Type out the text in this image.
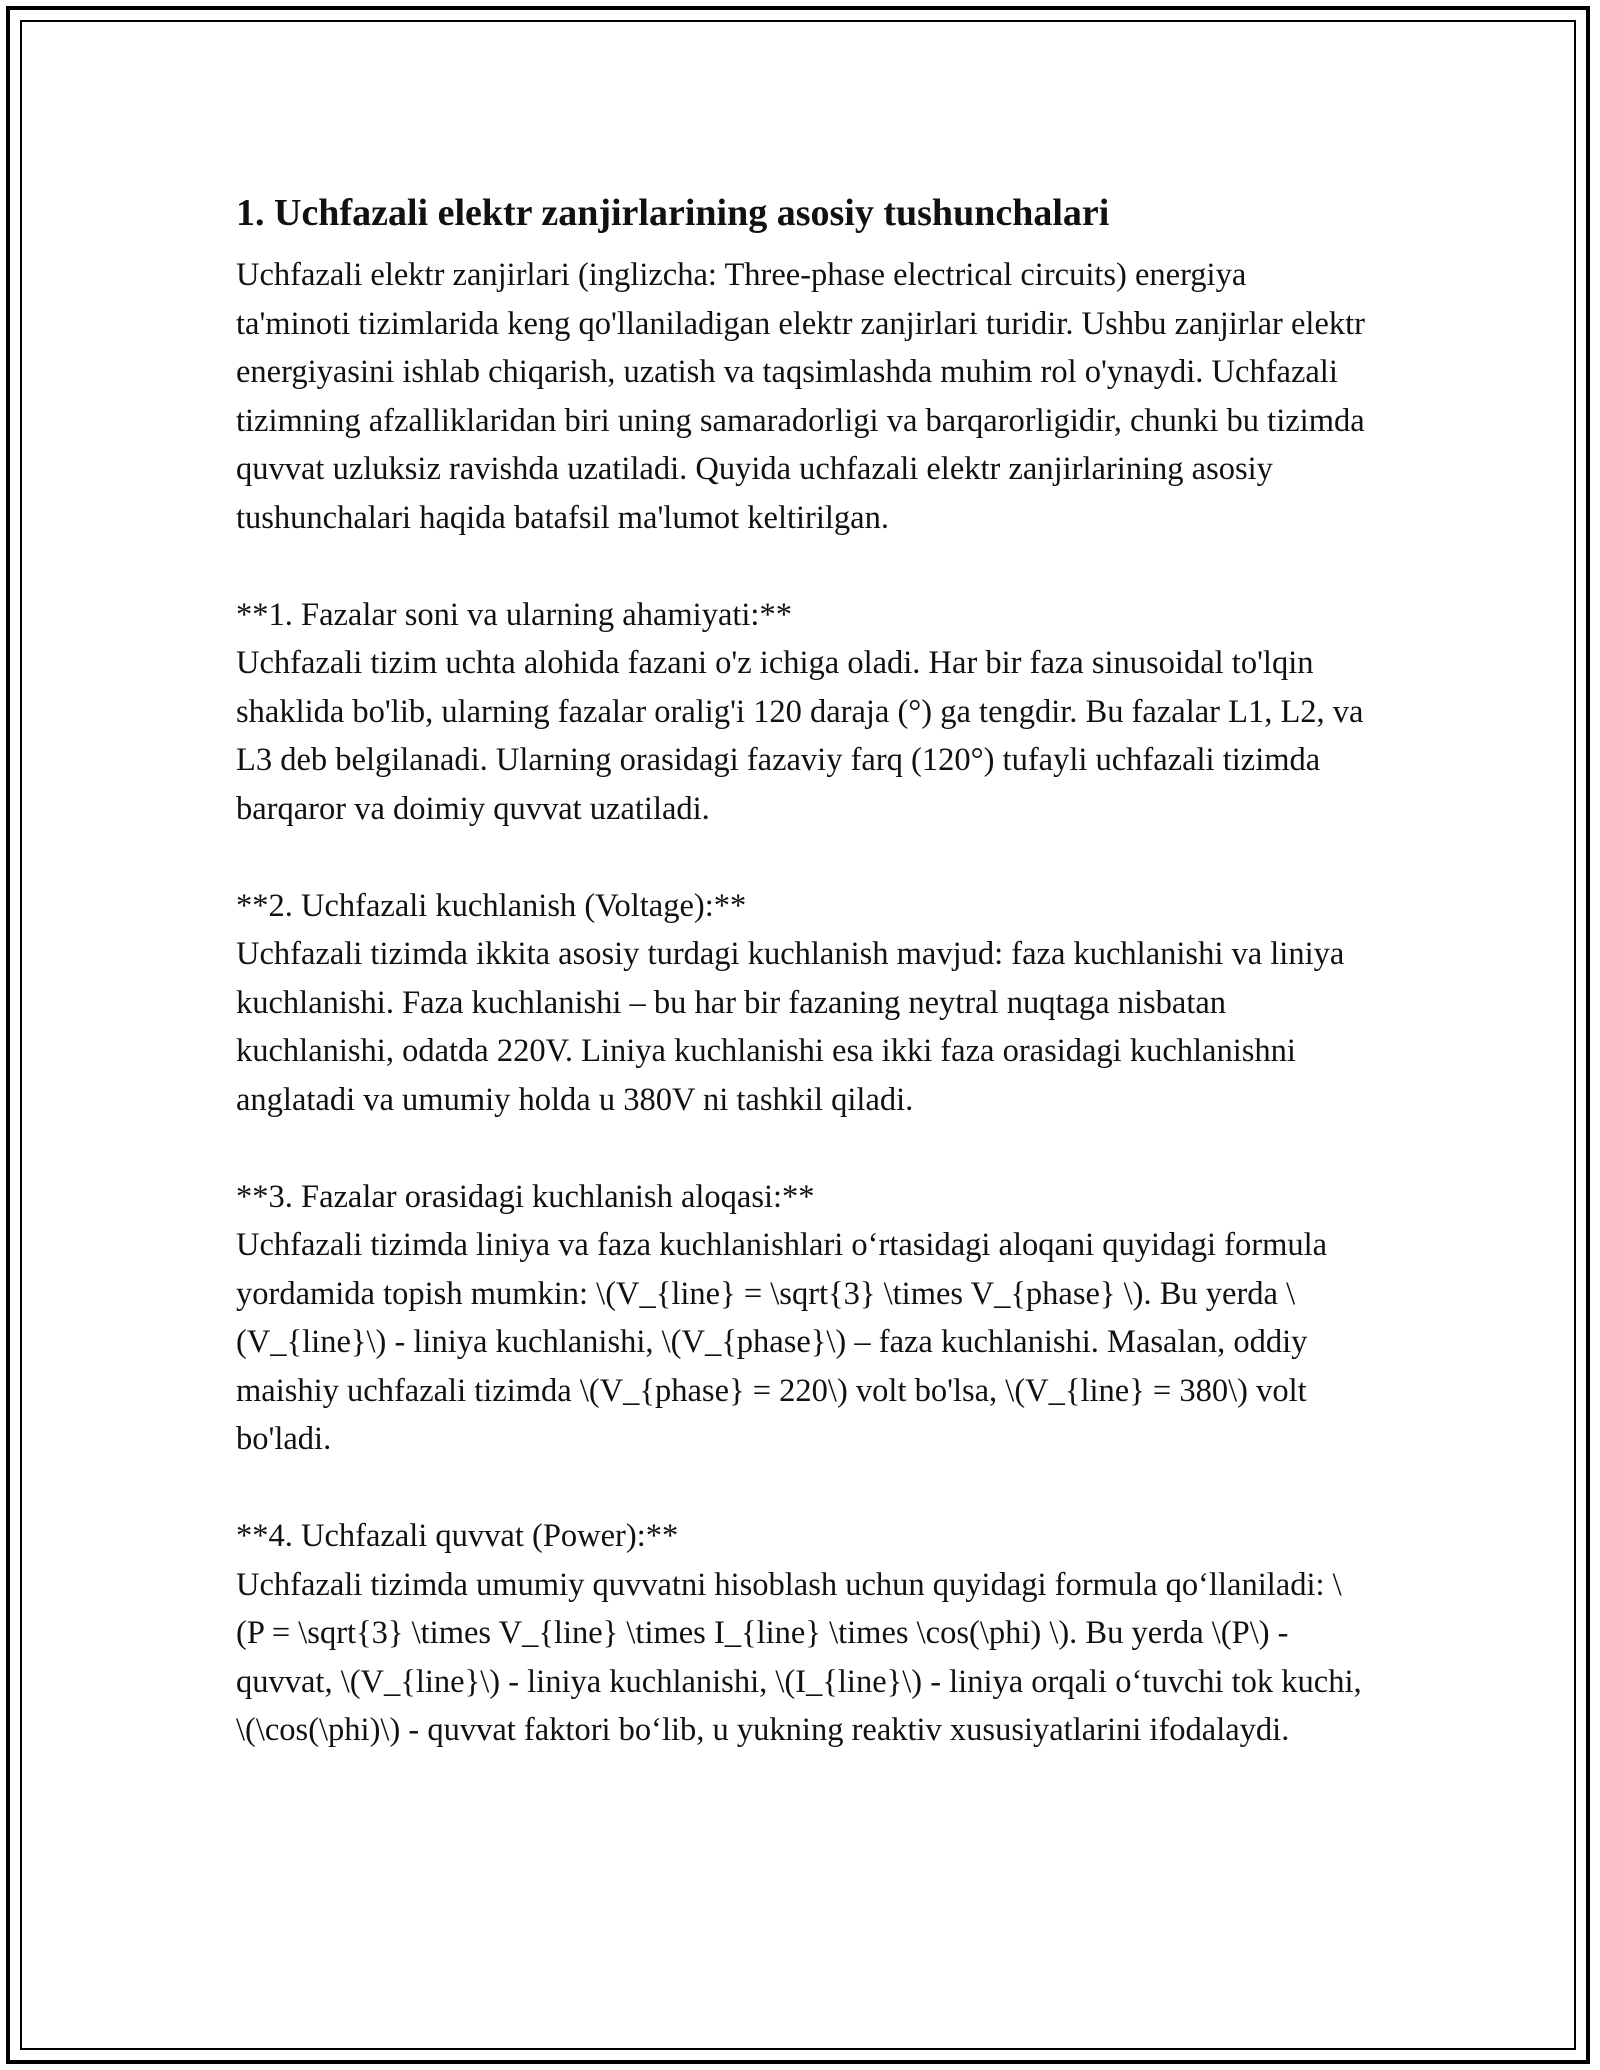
1. Uchfazali elektr zanjirlarining asosiy tushunchalari

Uchfazali elektr zanjirlari (inglizcha: Three-phase electrical circuits) energiya ta'minoti tizimlarida keng qo'llaniladigan elektr zanjirlari turidir. Ushbu zanjirlar elektr energiyasini ishlab chiqarish, uzatish va taqsimlashda muhim rol o'ynaydi. Uchfazali tizimning afzalliklaridan biri uning samaradorligi va barqarorligidir, chunki bu tizimda quvvat uzluksiz ravishda uzatiladi. Quyida uchfazali elektr zanjirlarining asosiy tushunchalari haqida batafsil ma'lumot keltirilgan.

**1. Fazalar soni va ularning ahamiyati:**
Uchfazali tizim uchta alohida fazani o'z ichiga oladi. Har bir faza sinusoidal to'lqin shaklida bo'lib, ularning fazalar oralig'i 120 daraja (°) ga tengdir. Bu fazalar L1, L2, va L3 deb belgilanadi. Ularning orasidagi fazaviy farq (120°) tufayli uchfazali tizimda barqaror va doimiy quvvat uzatiladi.

**2. Uchfazali kuchlanish (Voltage):**
Uchfazali tizimda ikkita asosiy turdagi kuchlanish mavjud: faza kuchlanishi va liniya kuchlanishi. Faza kuchlanishi – bu har bir fazaning neytral nuqtaga nisbatan kuchlanishi, odatda 220V. Liniya kuchlanishi esa ikki faza orasidagi kuchlanishni anglatadi va umumiy holda u 380V ni tashkil qiladi.

**3. Fazalar orasidagi kuchlanish aloqasi:**
Uchfazali tizimda liniya va faza kuchlanishlari o‘rtasidagi aloqani quyidagi formula yordamida topish mumkin: \(V_{line} = \sqrt{3} \times V_{phase} \). Bu yerda \(V_{line}\) - liniya kuchlanishi, \(V_{phase}\) – faza kuchlanishi. Masalan, oddiy maishiy uchfazali tizimda \(V_{phase} = 220\) volt bo'lsa, \(V_{line} = 380\) volt bo'ladi.

**4. Uchfazali quvvat (Power):**
Uchfazali tizimda umumiy quvvatni hisoblash uchun quyidagi formula qo‘llaniladi: \(P = \sqrt{3} \times V_{line} \times I_{line} \times \cos(\phi) \). Bu yerda \(P\) - quvvat, \(V_{line}\) - liniya kuchlanishi, \(I_{line}\) - liniya orqali o‘tuvchi tok kuchi, \(\cos(\phi)\) - quvvat faktori bo‘lib, u yukning reaktiv xususiyatlarini ifodalaydi.
